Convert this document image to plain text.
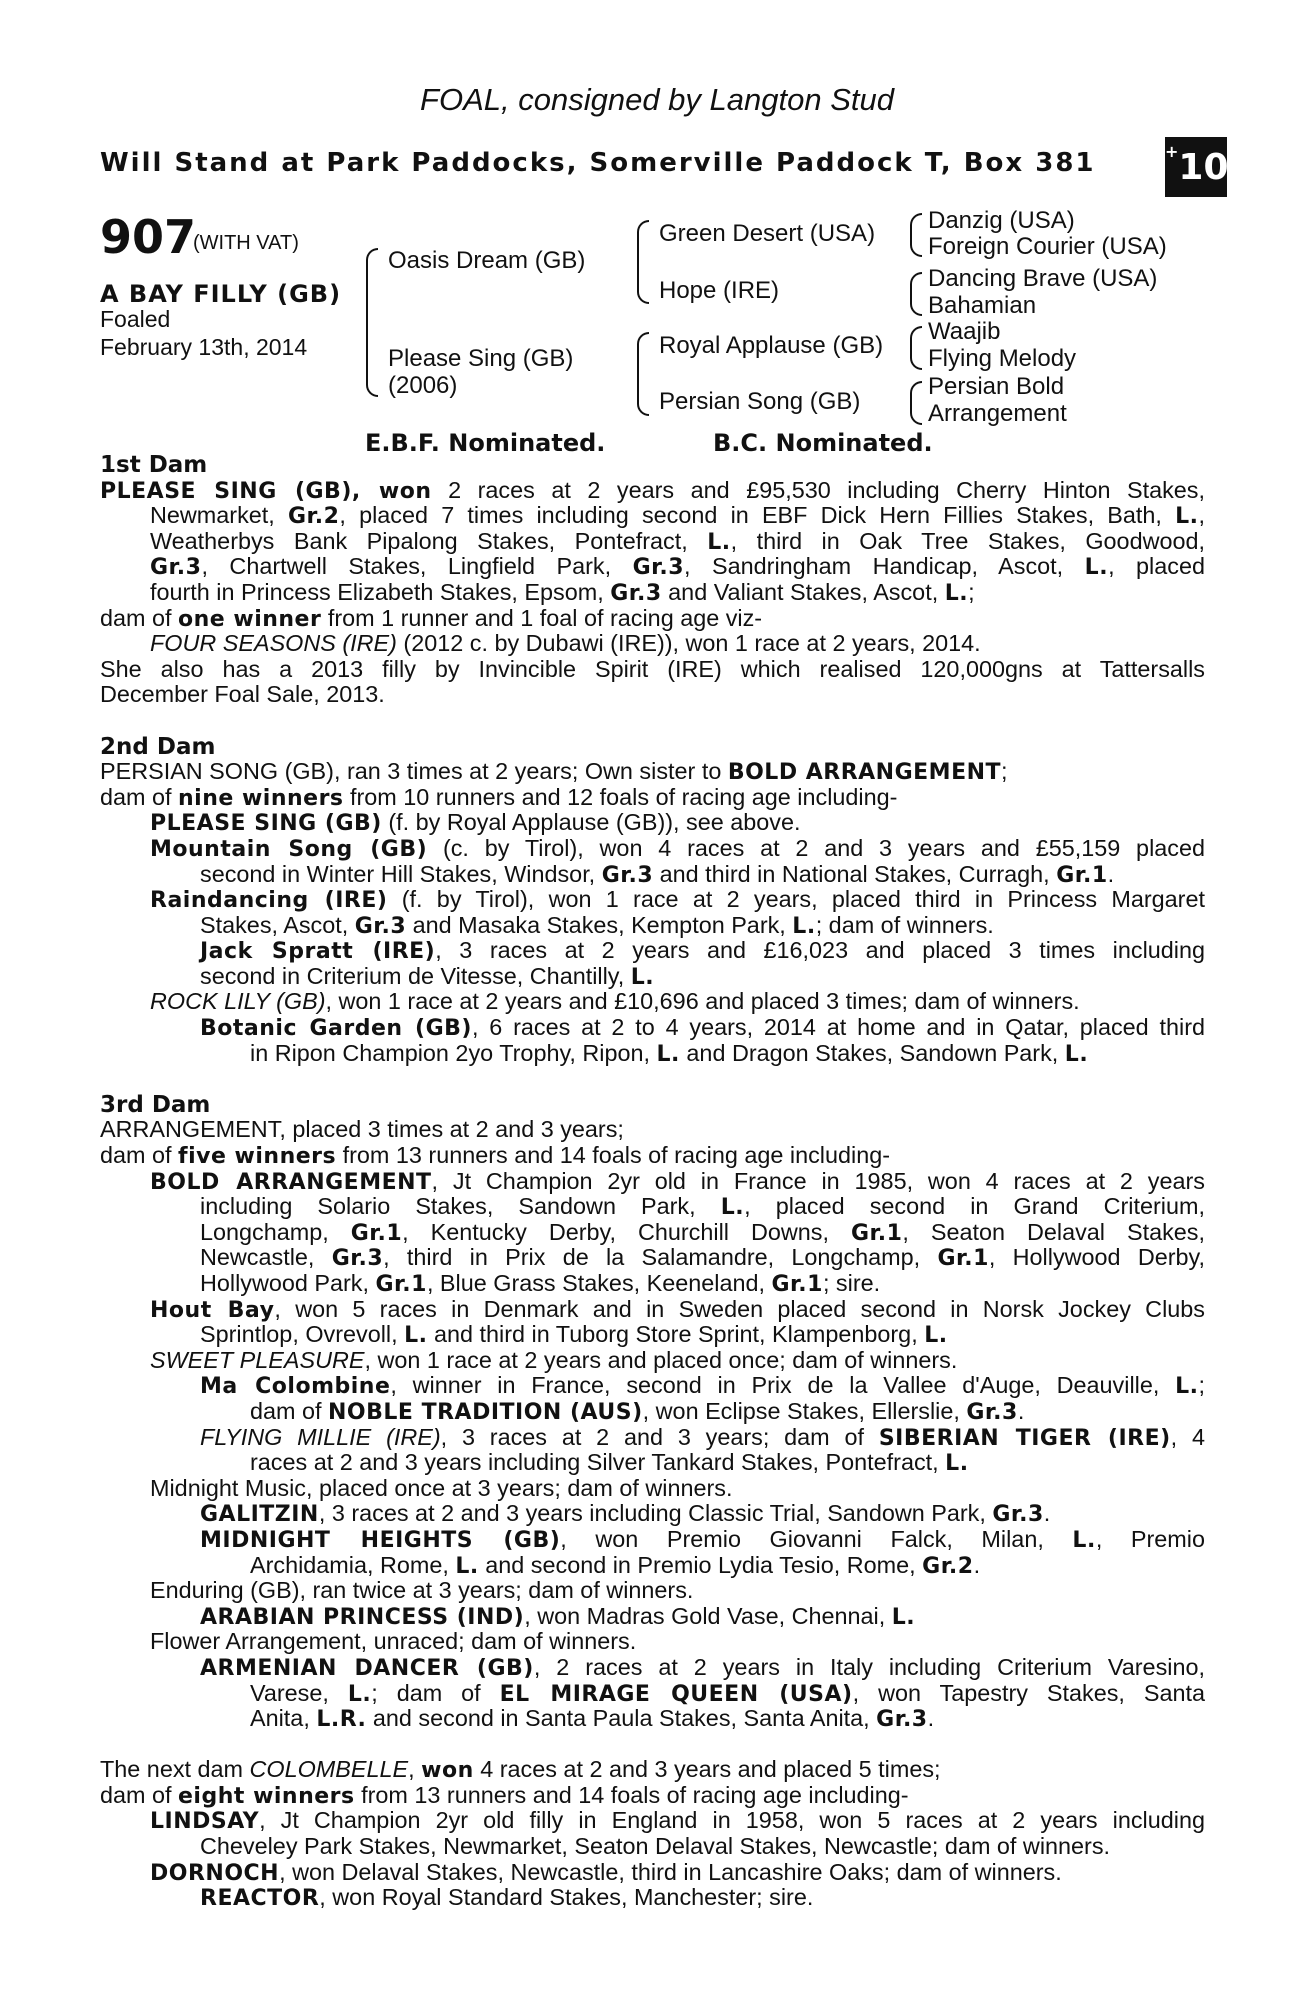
FOAL, consigned by Langton Stud
Will Stand at Park Paddocks, Somerville Paddock T, Box 381	+10
907
(WITH VAT)
A BAY FILLY (GB)
Foaled
February 13th, 2014
Oasis Dream (GB)
Please Sing (GB)
(2006)
Green Desert (USA)
Hope (IRE)
Royal Applause (GB)
Persian Song (GB)
Danzig (USA)
Foreign Courier (USA)
Dancing Brave (USA)
Bahamian
Waajib
Flying Melody
Persian Bold
Arrangement
E.B.F. Nominated.	B.C. Nominated.
1st Dam
PLEASE SING (GB), won 2 races at 2 years and £95,530 including Cherry Hinton Stakes,
Newmarket, Gr.2, placed 7 times including second in EBF Dick Hern Fillies Stakes, Bath, L.,
Weatherbys Bank Pipalong Stakes, Pontefract, L., third in Oak Tree Stakes, Goodwood,
Gr.3, Chartwell Stakes, Lingfield Park, Gr.3, Sandringham Handicap, Ascot, L., placed
fourth in Princess Elizabeth Stakes, Epsom, Gr.3 and Valiant Stakes, Ascot, L.;
dam of one winner from 1 runner and 1 foal of racing age viz-
FOUR SEASONS (IRE) (2012 c. by Dubawi (IRE)), won 1 race at 2 years, 2014.
She also has a 2013 filly by Invincible Spirit (IRE) which realised 120,000gns at Tattersalls
December Foal Sale, 2013.
2nd Dam
PERSIAN SONG (GB), ran 3 times at 2 years; Own sister to BOLD ARRANGEMENT;
dam of nine winners from 10 runners and 12 foals of racing age including-
PLEASE SING (GB) (f. by Royal Applause (GB)), see above.
Mountain Song (GB) (c. by Tirol), won 4 races at 2 and 3 years and £55,159 placed
second in Winter Hill Stakes, Windsor, Gr.3 and third in National Stakes, Curragh, Gr.1.
Raindancing (IRE) (f. by Tirol), won 1 race at 2 years, placed third in Princess Margaret
Stakes, Ascot, Gr.3 and Masaka Stakes, Kempton Park, L.; dam of winners.
Jack Spratt (IRE), 3 races at 2 years and £16,023 and placed 3 times including
second in Criterium de Vitesse, Chantilly, L.
ROCK LILY (GB), won 1 race at 2 years and £10,696 and placed 3 times; dam of winners.
Botanic Garden (GB), 6 races at 2 to 4 years, 2014 at home and in Qatar, placed third
in Ripon Champion 2yo Trophy, Ripon, L. and Dragon Stakes, Sandown Park, L.
3rd Dam
ARRANGEMENT, placed 3 times at 2 and 3 years;
dam of five winners from 13 runners and 14 foals of racing age including-
BOLD ARRANGEMENT, Jt Champion 2yr old in France in 1985, won 4 races at 2 years
including Solario Stakes, Sandown Park, L., placed second in Grand Criterium,
Longchamp, Gr.1, Kentucky Derby, Churchill Downs, Gr.1, Seaton Delaval Stakes,
Newcastle, Gr.3, third in Prix de la Salamandre, Longchamp, Gr.1, Hollywood Derby,
Hollywood Park, Gr.1, Blue Grass Stakes, Keeneland, Gr.1; sire.
Hout Bay, won 5 races in Denmark and in Sweden placed second in Norsk Jockey Clubs
Sprintlop, Ovrevoll, L. and third in Tuborg Store Sprint, Klampenborg, L.
SWEET PLEASURE, won 1 race at 2 years and placed once; dam of winners.
Ma Colombine, winner in France, second in Prix de la Vallee d'Auge, Deauville, L.;
dam of NOBLE TRADITION (AUS), won Eclipse Stakes, Ellerslie, Gr.3.
FLYING MILLIE (IRE), 3 races at 2 and 3 years; dam of SIBERIAN TIGER (IRE), 4
races at 2 and 3 years including Silver Tankard Stakes, Pontefract, L.
Midnight Music, placed once at 3 years; dam of winners.
GALITZIN, 3 races at 2 and 3 years including Classic Trial, Sandown Park, Gr.3.
MIDNIGHT HEIGHTS (GB), won Premio Giovanni Falck, Milan, L., Premio
Archidamia, Rome, L. and second in Premio Lydia Tesio, Rome, Gr.2.
Enduring (GB), ran twice at 3 years; dam of winners.
ARABIAN PRINCESS (IND), won Madras Gold Vase, Chennai, L.
Flower Arrangement, unraced; dam of winners.
ARMENIAN DANCER (GB), 2 races at 2 years in Italy including Criterium Varesino,
Varese, L.; dam of EL MIRAGE QUEEN (USA), won Tapestry Stakes, Santa
Anita, L.R. and second in Santa Paula Stakes, Santa Anita, Gr.3.
The next dam COLOMBELLE, won 4 races at 2 and 3 years and placed 5 times;
dam of eight winners from 13 runners and 14 foals of racing age including-
LINDSAY, Jt Champion 2yr old filly in England in 1958, won 5 races at 2 years including
Cheveley Park Stakes, Newmarket, Seaton Delaval Stakes, Newcastle; dam of winners.
DORNOCH, won Delaval Stakes, Newcastle, third in Lancashire Oaks; dam of winners.
REACTOR, won Royal Standard Stakes, Manchester; sire.
